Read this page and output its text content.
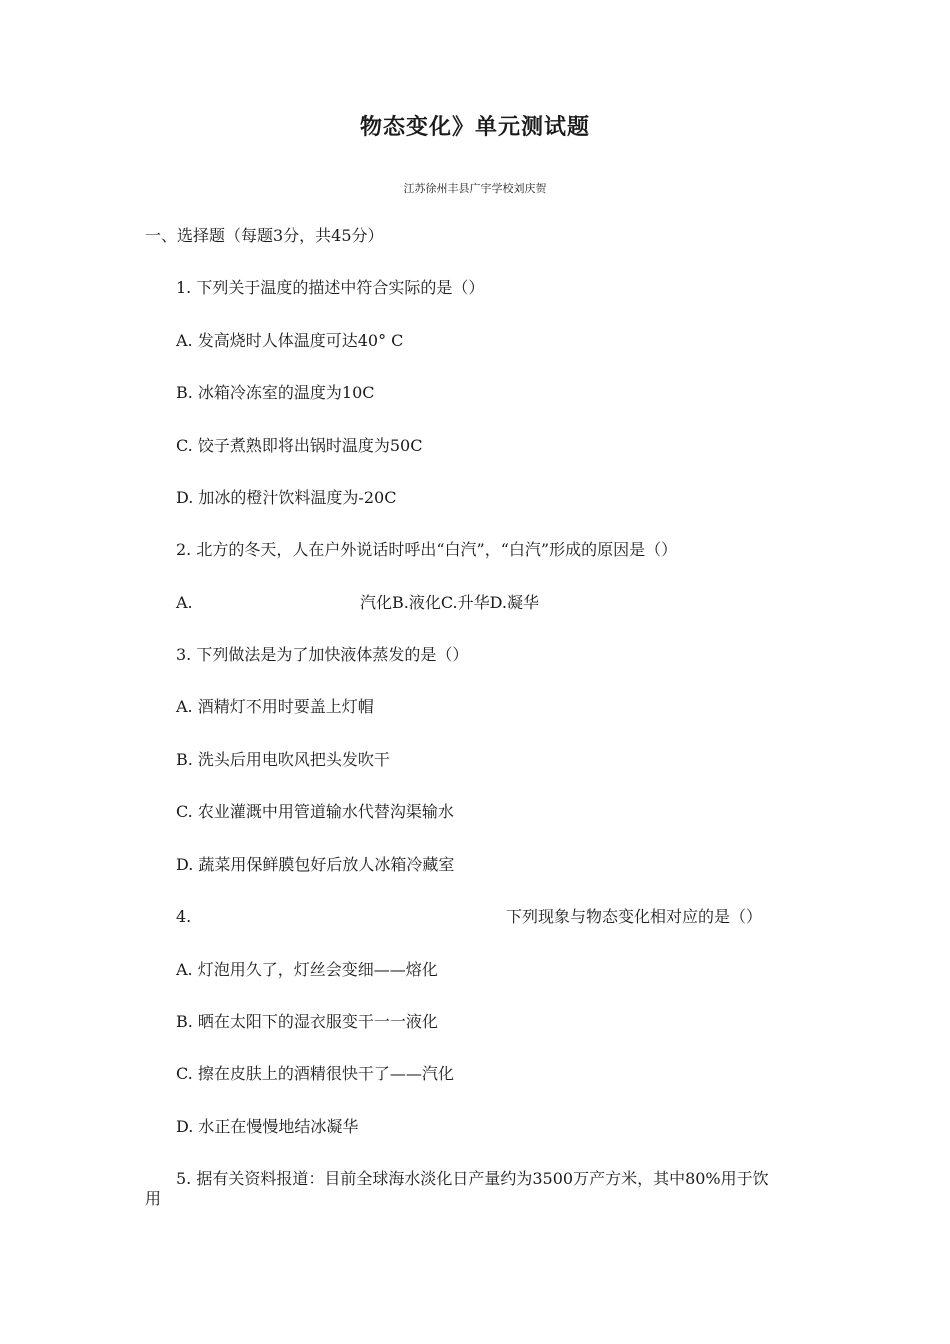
物态变化》单元测试题
江苏徐州丰县广宇学校刘庆贺
一、选择题（每题3分，共45分）
1. 下列关于温度的描述中符合实际的是（）
A. 发高烧时人体温度可达40° C
B. 冰箱冷冻室的温度为10C
C. 饺子煮熟即将出锅时温度为50C
D. 加冰的橙汁饮料温度为-20C
2. 北方的冬天，人在户外说话时呼出“白汽”，“白汽”形成的原因是（）
A.	汽化B.液化C.升华D.凝华
3. 下列做法是为了加快液体蒸发的是（）
A. 酒精灯不用时要盖上灯帽
B. 洗头后用电吹风把头发吹干
C. 农业灌溉中用管道输水代替沟渠输水
D. 蔬菜用保鲜膜包好后放人冰箱冷藏室
4.	下列现象与物态变化相对应的是（）
A. 灯泡用久了，灯丝会变细——熔化
B. 晒在太阳下的湿衣服变干一一液化
C. 擦在皮肤上的酒精很快干了——汽化
D. 水正在慢慢地结冰凝华
5. 据有关资料报道：目前全球海水淡化日产量约为3500万产方米，其中80%用于饮
用
